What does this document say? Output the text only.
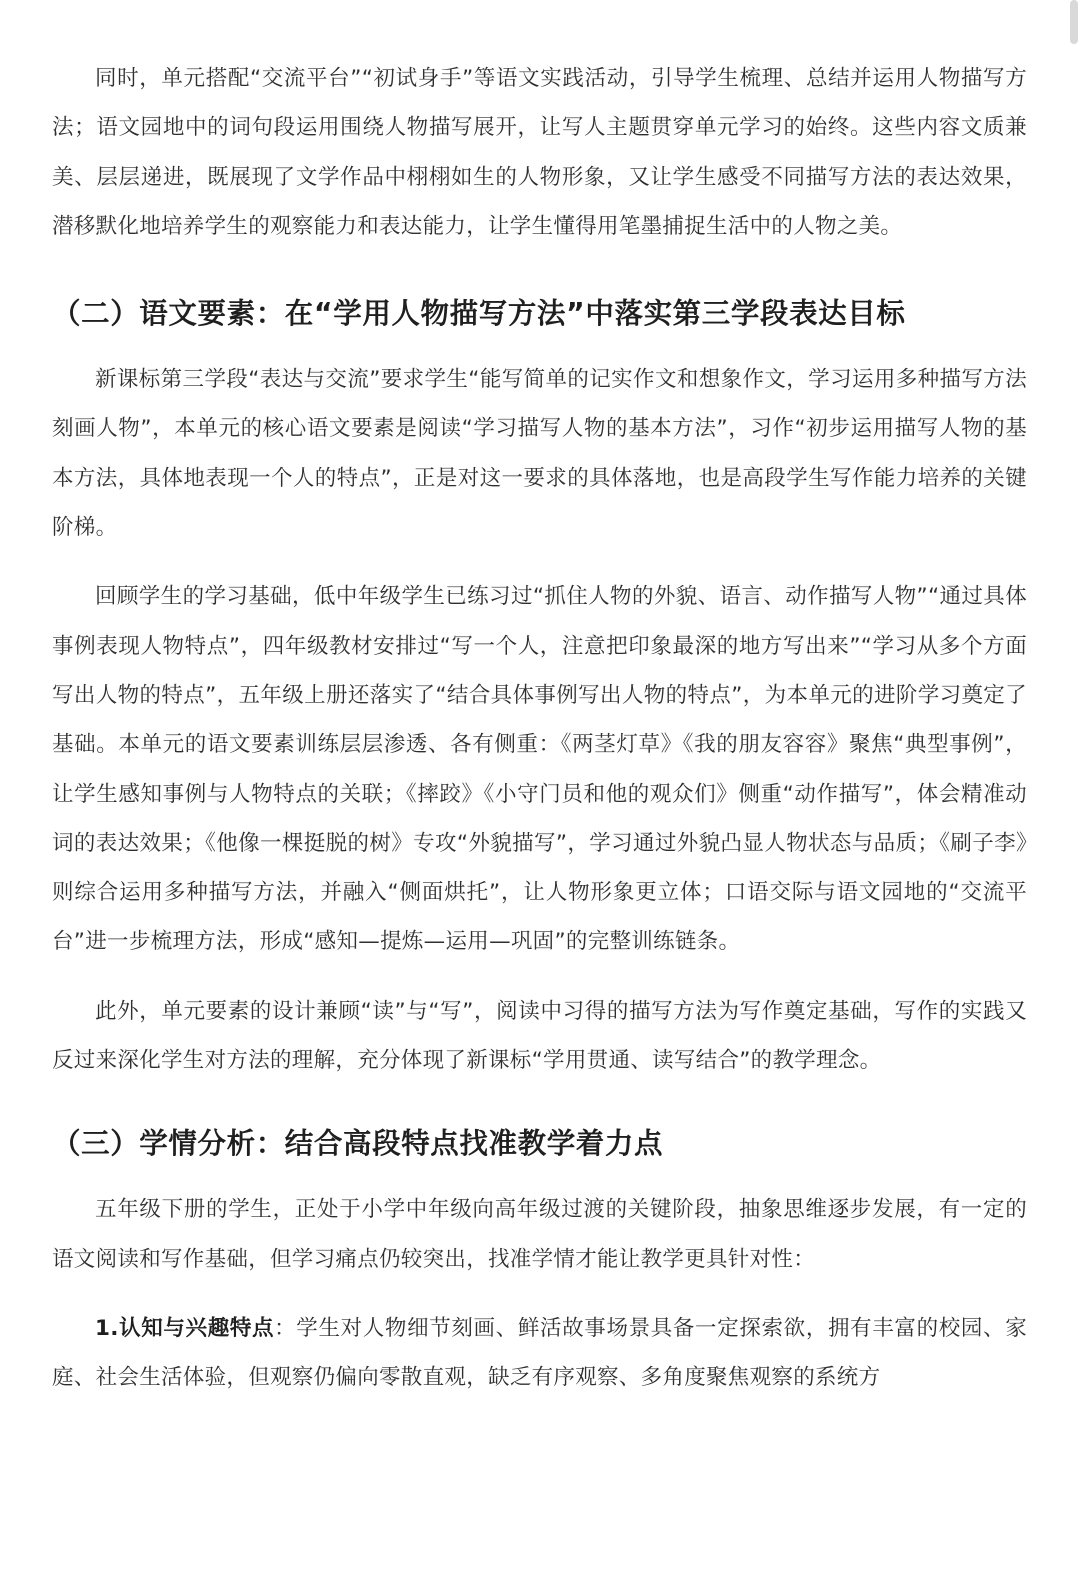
同时，单元搭配“交流平台”“初试身手”等语文实践活动，引导学生梳理、总结并运用人物描写方法；语文园地中的词句段运用围绕人物描写展开，让写人主题贯穿单元学习的始终。这些内容文质兼美、层层递进，既展现了文学作品中栩栩如生的人物形象，又让学生感受不同描写方法的表达效果，潜移默化地培养学生的观察能力和表达能力，让学生懂得用笔墨捕捉生活中的人物之美。

（二）语文要素：在“学用人物描写方法”中落实第三学段表达目标

新课标第三学段“表达与交流”要求学生“能写简单的记实作文和想象作文，学习运用多种描写方法刻画人物”，本单元的核心语文要素是阅读“学习描写人物的基本方法”，习作“初步运用描写人物的基本方法，具体地表现一个人的特点”，正是对这一要求的具体落地，也是高段学生写作能力培养的关键阶梯。

回顾学生的学习基础，低中年级学生已练习过“抓住人物的外貌、语言、动作描写人物”“通过具体事例表现人物特点”，四年级教材安排过“写一个人，注意把印象最深的地方写出来”“学习从多个方面写出人物的特点”，五年级上册还落实了“结合具体事例写出人物的特点”，为本单元的进阶学习奠定了基础。本单元的语文要素训练层层渗透、各有侧重：《两茎灯草》《我的朋友容容》聚焦“典型事例”，让学生感知事例与人物特点的关联；《摔跤》《小守门员和他的观众们》侧重“动作描写”，体会精准动词的表达效果；《他像一棵挺脱的树》专攻“外貌描写”，学习通过外貌凸显人物状态与品质；《刷子李》则综合运用多种描写方法，并融入“侧面烘托”，让人物形象更立体；口语交际与语文园地的“交流平台”进一步梳理方法，形成“感知—提炼—运用—巩固”的完整训练链条。

此外，单元要素的设计兼顾“读”与“写”，阅读中习得的描写方法为写作奠定基础，写作的实践又反过来深化学生对方法的理解，充分体现了新课标“学用贯通、读写结合”的教学理念。

（三）学情分析：结合高段特点找准教学着力点

五年级下册的学生，正处于小学中年级向高年级过渡的关键阶段，抽象思维逐步发展，有一定的语文阅读和写作基础，但学习痛点仍较突出，找准学情才能让教学更具针对性：

1.认知与兴趣特点：学生对人物细节刻画、鲜活故事场景具备一定探索欲，拥有丰富的校园、家庭、社会生活体验，但观察仍偏向零散直观，缺乏有序观察、多角度聚焦观察的系统方
